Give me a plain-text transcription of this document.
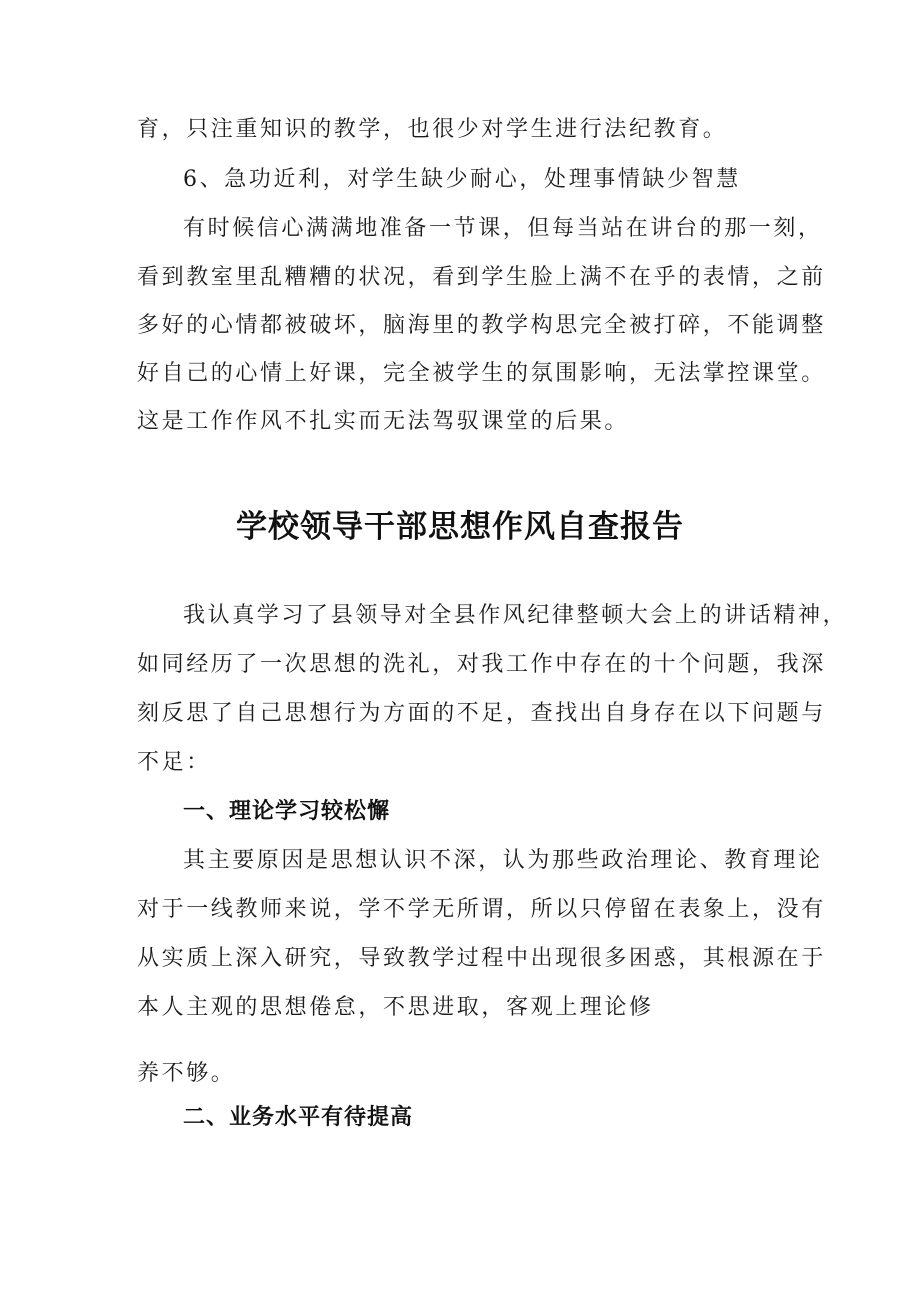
育，只注重知识的教学，也很少对学生进行法纪教育。
6、急功近利，对学生缺少耐心，处理事情缺少智慧
有时候信心满满地准备一节课，但每当站在讲台的那一刻，
看到教室里乱糟糟的状况，看到学生脸上满不在乎的表情，之前
多好的心情都被破坏，脑海里的教学构思完全被打碎，不能调整
好自己的心情上好课，完全被学生的氛围影响，无法掌控课堂。
这是工作作风不扎实而无法驾驭课堂的后果。
学校领导干部思想作风自查报告
我认真学习了县领导对全县作风纪律整顿大会上的讲话精神，
如同经历了一次思想的洗礼，对我工作中存在的十个问题，我深
刻反思了自己思想行为方面的不足，查找出自身存在以下问题与
不足：
一、理论学习较松懈
其主要原因是思想认识不深，认为那些政治理论、教育理论
对于一线教师来说，学不学无所谓，所以只停留在表象上，没有
从实质上深入研究，导致教学过程中出现很多困惑，其根源在于
本人主观的思想倦怠，不思进取，客观上理论修
养不够。
二、业务水平有待提高
